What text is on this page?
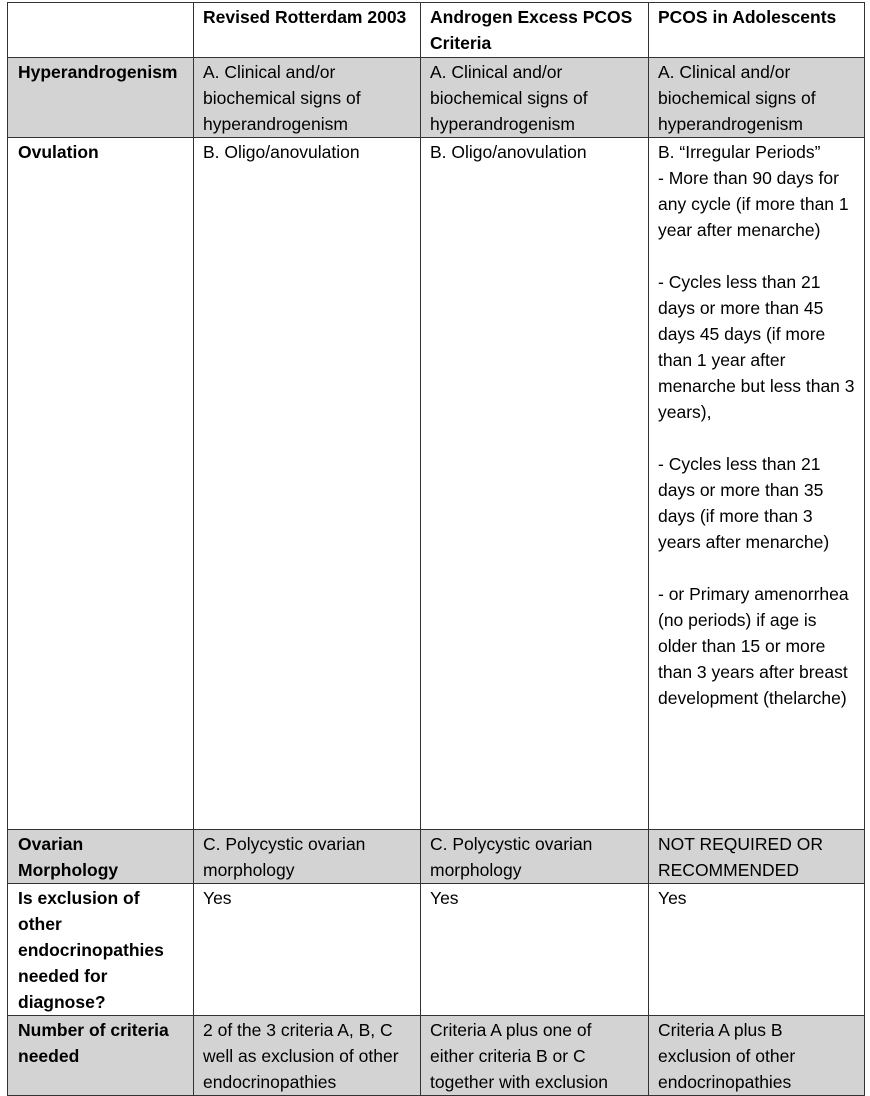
	Revised Rotterdam 2003	Androgen Excess PCOS Criteria	PCOS in Adolescents
Hyperandrogenism	A. Clinical and/or biochemical signs of hyperandrogenism	A. Clinical and/or biochemical signs of hyperandrogenism	A. Clinical and/or biochemical signs of hyperandrogenism
Ovulation	B. Oligo/anovulation	B. Oligo/anovulation	B. “Irregular Periods”
- More than 90 days for any cycle (if more than 1 year after menarche)

- Cycles less than 21 days or more than 45 days 45 days (if more than 1 year after menarche but less than 3 years),

- Cycles less than 21 days or more than 35 days (if more than 3 years after menarche)

- or Primary amenorrhea (no periods) if age is older than 15 or more than 3 years after breast development (thelarche)
Ovarian Morphology	C. Polycystic ovarian morphology	C. Polycystic ovarian morphology	NOT REQUIRED OR RECOMMENDED
Is exclusion of other endocrinopathies needed for diagnose?	Yes	Yes	Yes
Number of criteria needed	2 of the 3 criteria A, B, C well as exclusion of other endocrinopathies	Criteria A plus one of either criteria B or C together with exclusion	Criteria A plus B exclusion of other endocrinopathies
